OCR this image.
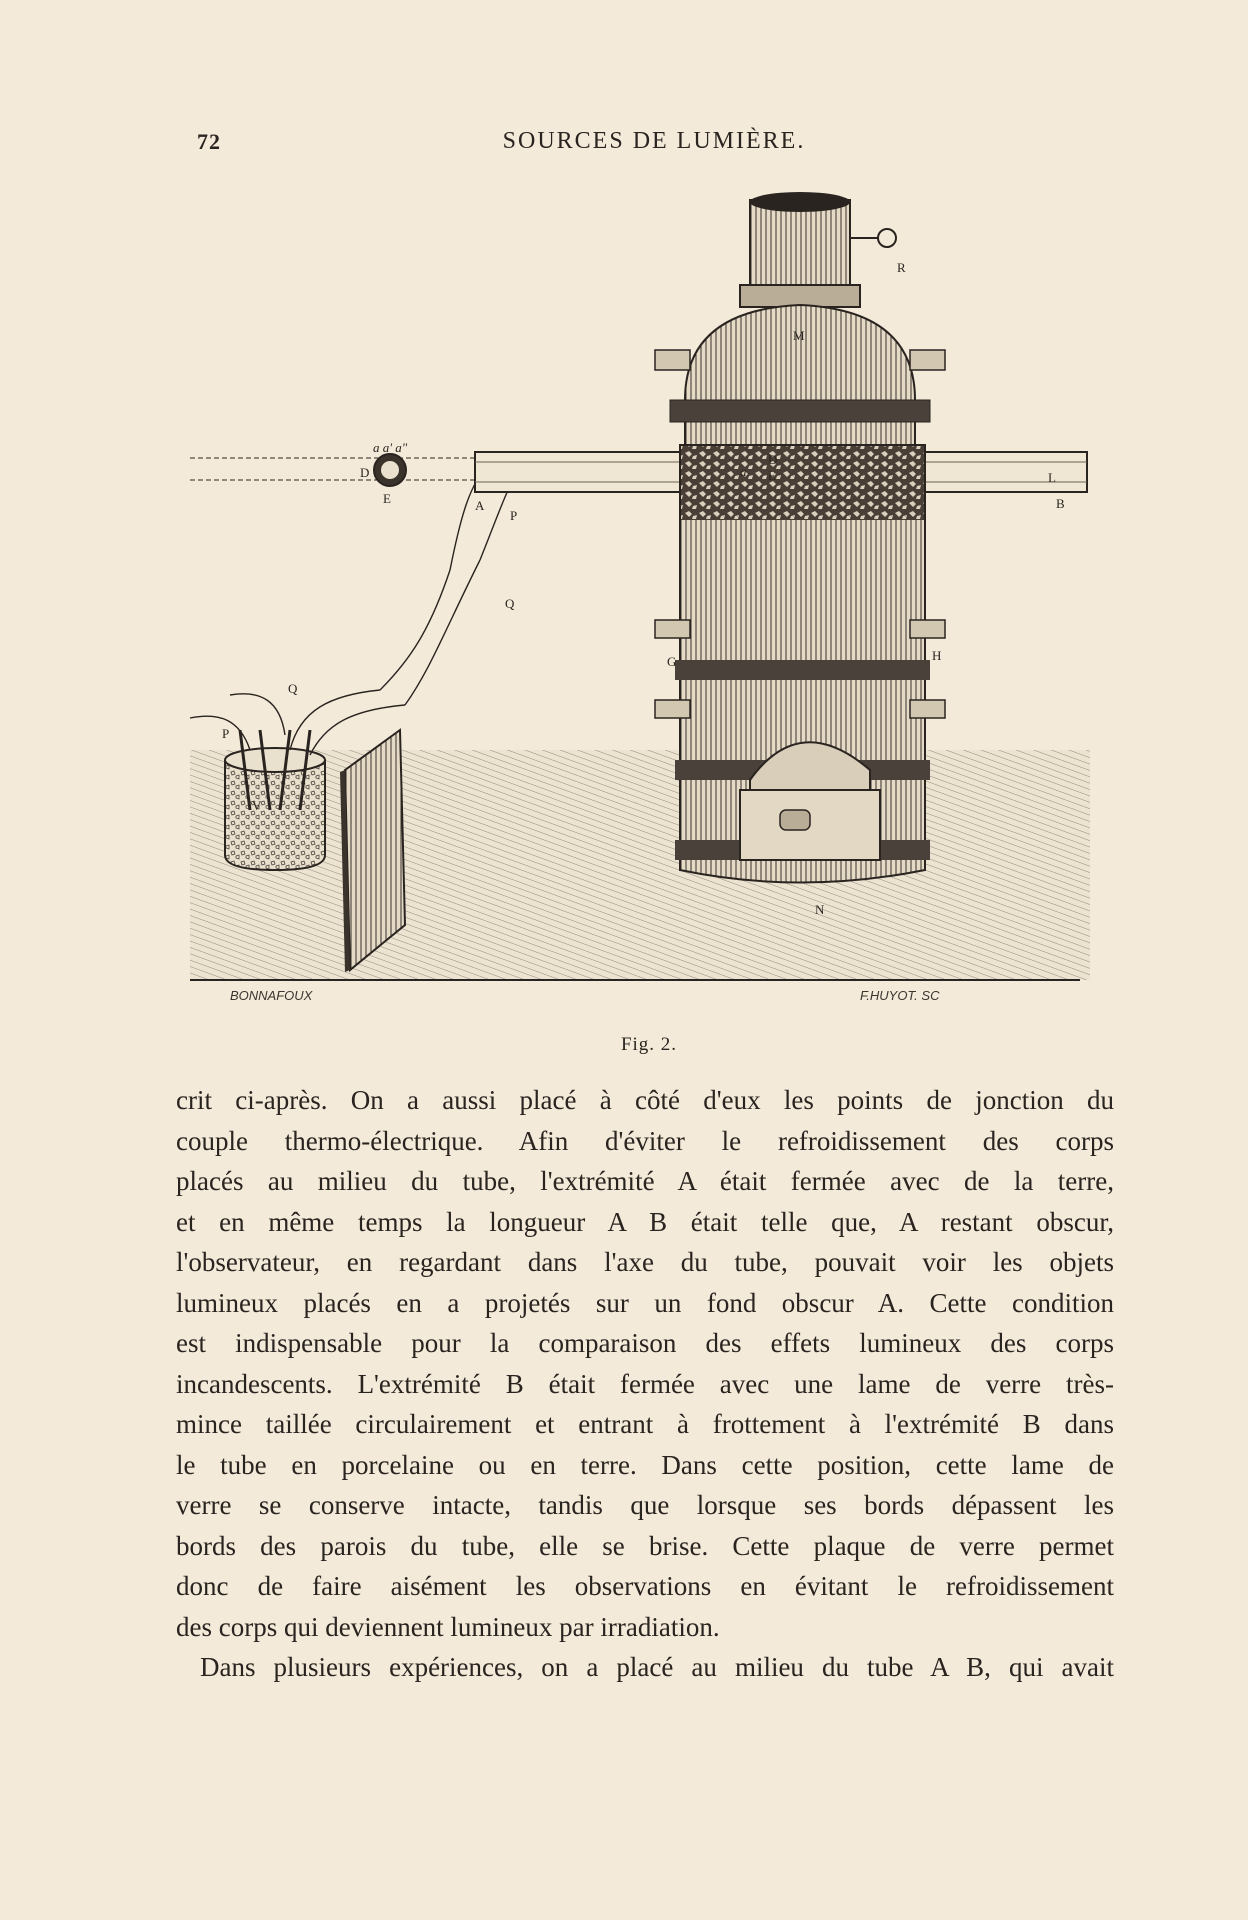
72	SOURCES DE LUMIÈRE.
R
M
A	B
L
D
E
a
G	H
N
P
Q
V
Q
P
D
E
a a' a"
BONNAFOUX	F.HUYOT. SC
Fig. 2.

crit ci-après. On a aussi placé à côté d'eux les points de jonction du
couple thermo-électrique. Afin d'éviter le refroidissement des corps
placés au milieu du tube, l'extrémité A était fermée avec de la terre,
et en même temps la longueur A B était telle que, A restant obscur,
l'observateur, en regardant dans l'axe du tube, pouvait voir les objets
lumineux placés en a projetés sur un fond obscur A. Cette condition
est indispensable pour la comparaison des effets lumineux des corps
incandescents. L'extrémité B était fermée avec une lame de verre très-
mince taillée circulairement et entrant à frottement à l'extrémité B dans
le tube en porcelaine ou en terre. Dans cette position, cette lame de
verre se conserve intacte, tandis que lorsque ses bords dépassent les
bords des parois du tube, elle se brise. Cette plaque de verre permet
donc de faire aisément les observations en évitant le refroidissement
des corps qui deviennent lumineux par irradiation.

Dans plusieurs expériences, on a placé au milieu du tube A B, qui avait
